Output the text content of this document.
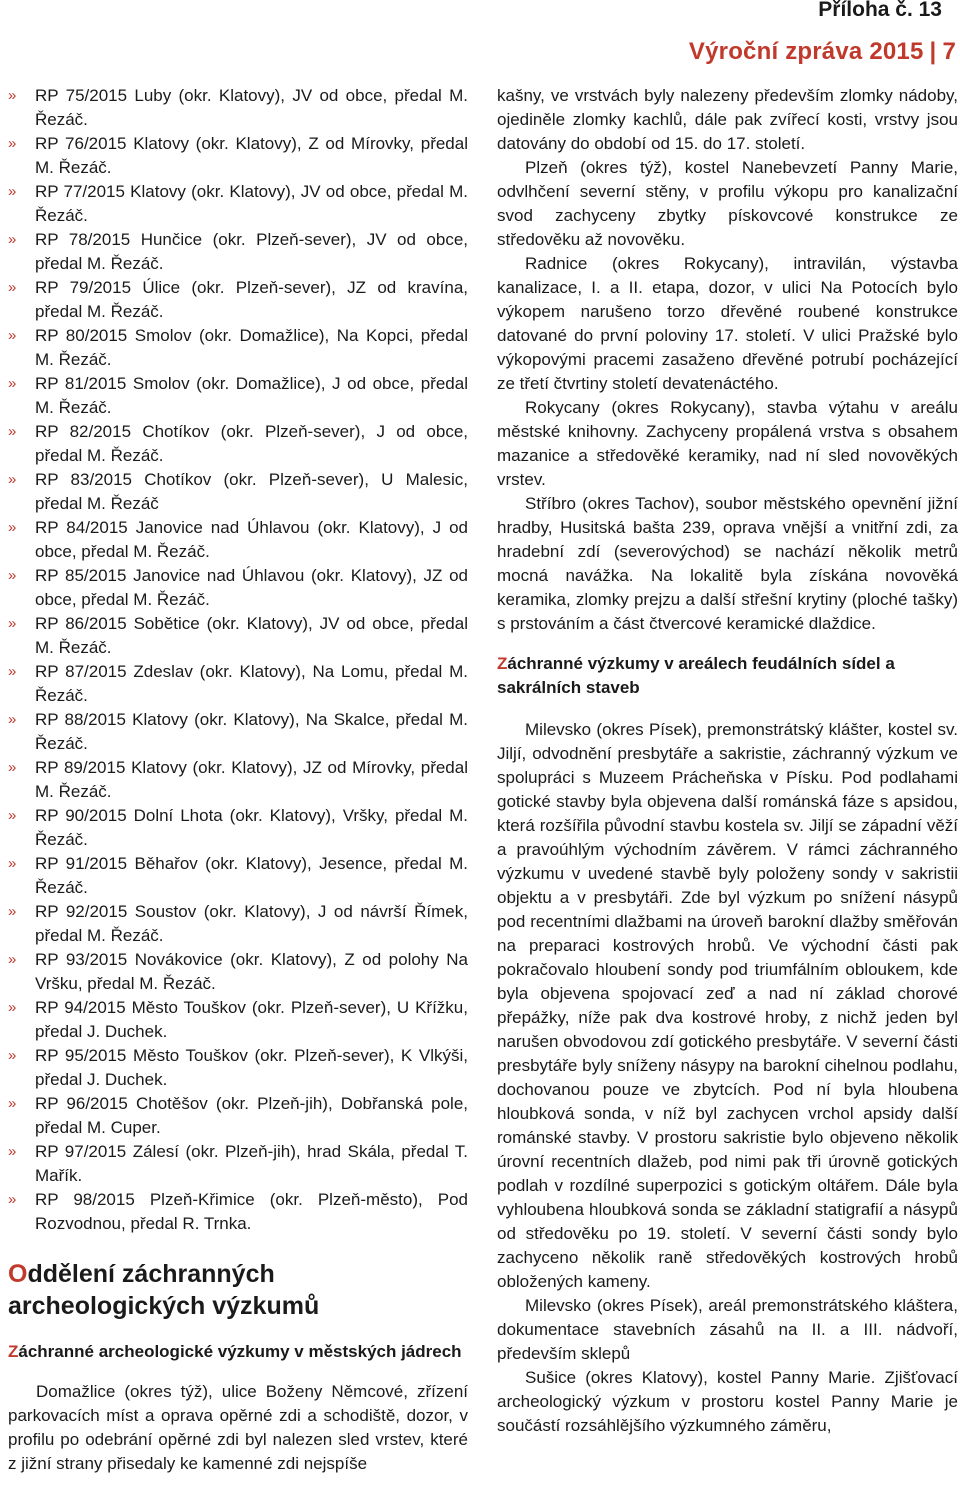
Příloha č. 13
Výroční zpráva 2015 | 7
» RP 75/2015 Luby (okr. Klatovy), JV od obce, předal M. Řezáč.
» RP 76/2015 Klatovy (okr. Klatovy), Z od Mírovky, předal M. Řezáč.
» RP 77/2015 Klatovy (okr. Klatovy), JV od obce, předal M. Řezáč.
» RP 78/2015 Hunčice (okr. Plzeň-sever), JV od obce, předal M. Řezáč.
» RP 79/2015 Úlice (okr. Plzeň-sever), JZ od kravína, předal M. Řezáč.
» RP 80/2015 Smolov (okr. Domažlice), Na Kopci, předal M. Řezáč.
» RP 81/2015 Smolov (okr. Domažlice), J od obce, předal M. Řezáč.
» RP 82/2015 Chotíkov (okr. Plzeň-sever), J od obce, předal M. Řezáč.
» RP 83/2015 Chotíkov (okr. Plzeň-sever), U Malesic, předal M. Řezáč
» RP 84/2015 Janovice nad Úhlavou (okr. Klatovy), J od obce, předal M. Řezáč.
» RP 85/2015 Janovice nad Úhlavou (okr. Klatovy), JZ od obce, předal M. Řezáč.
» RP 86/2015 Sobětice (okr. Klatovy), JV od obce, předal M. Řezáč.
» RP 87/2015 Zdeslav (okr. Klatovy), Na Lomu, předal M. Řezáč.
» RP 88/2015 Klatovy (okr. Klatovy), Na Skalce, předal M. Řezáč.
» RP 89/2015 Klatovy (okr. Klatovy), JZ od Mírovky, předal M. Řezáč.
» RP 90/2015 Dolní Lhota (okr. Klatovy), Vršky, předal M. Řezáč.
» RP 91/2015 Běhařov (okr. Klatovy), Jesence, předal M. Řezáč.
» RP 92/2015 Soustov (okr. Klatovy), J od návrší Římek, předal M. Řezáč.
» RP 93/2015 Novákovice (okr. Klatovy), Z od polohy Na Vršku, předal M. Řezáč.
» RP 94/2015 Město Touškov (okr. Plzeň-sever), U Křížku, předal J. Duchek.
» RP 95/2015 Město Touškov (okr. Plzeň-sever), K Vlkýši, předal J. Duchek.
» RP 96/2015 Chotěšov (okr. Plzeň-jih), Dobřanská pole, předal M. Cuper.
» RP 97/2015 Zálesí (okr. Plzeň-jih), hrad Skála, předal T. Mařík.
» RP 98/2015 Plzeň-Křimice (okr. Plzeň-město), Pod Rozvodnou, předal R. Trnka.
Oddělení záchranných archeologických výzkumů
Záchranné archeologické výzkumy v městských jádrech

Domažlice (okres týž), ulice Boženy Němcové, zřízení parkovacích míst a oprava opěrné zdi a schodiště, dozor, v profilu po odebrání opěrné zdi byl nalezen sled vrstev, které z jižní strany přisedaly ke kamenné zdi nejspíše

kašny, ve vrstvách byly nalezeny především zlomky nádoby, ojediněle zlomky kachlů, dále pak zvířecí kosti, vrstvy jsou datovány do období od 15. do 17. století.

Plzeň (okres týž), kostel Nanebevzetí Panny Marie, odvlhčení severní stěny, v profilu výkopu pro kanalizační svod zachyceny zbytky pískovcové konstrukce ze středověku až novověku.

Radnice (okres Rokycany), intravilán, výstavba kanalizace, I. a II. etapa, dozor, v ulici Na Potocích bylo výkopem narušeno torzo dřevěné roubené konstrukce datované do první poloviny 17. století. V ulici Pražské bylo výkopovými pracemi zasaženo dřevěné potrubí pocházející ze třetí čtvrtiny století devatenáctého.

Rokycany (okres Rokycany), stavba výtahu v areálu městské knihovny. Zachyceny propálená vrstva s obsahem mazanice a středověké keramiky, nad ní sled novověkých vrstev.

Stříbro (okres Tachov), soubor městského opevnění jižní hradby, Husitská bašta 239, oprava vnější a vnitřní zdi, za hradební zdí (severovýchod) se nachází několik metrů mocná navážka. Na lokalitě byla získána novověká keramika, zlomky prejzu a další střešní krytiny (ploché tašky) s prstováním a část čtvercové keramické dlaždice.

Záchranné výzkumy v areálech feudálních sídel a sakrálních staveb

Milevsko (okres Písek), premonstrátský klášter, kostel sv. Jiljí, odvodnění presbytáře a sakristie, záchranný výzkum ve spolupráci s Muzeem Prácheňska v Písku. Pod podlahami gotické stavby byla objevena další románská fáze s apsidou, která rozšířila původní stavbu kostela sv. Jiljí se západní věží a pravoúhlým východním závěrem. V rámci záchranného výzkumu v uvedené stavbě byly položeny sondy v sakristii objektu a v presbytáři. Zde byl výzkum po snížení násypů pod recentními dlažbami na úroveň barokní dlažby směřován na preparaci kostrových hrobů. Ve východní části pak pokračovalo hloubení sondy pod triumfálním obloukem, kde byla objevena spojovací zeď a nad ní základ chorové přepážky, níže pak dva kostrové hroby, z nichž jeden byl narušen obvodovou zdí gotického presbytáře. V severní části presbytáře byly sníženy násypy na barokní cihelnou podlahu, dochovanou pouze ve zbytcích. Pod ní byla hloubena hloubková sonda, v níž byl zachycen vrchol apsidy další románské stavby. V prostoru sakristie bylo objeveno několik úrovní recentních dlažeb, pod nimi pak tři úrovně gotických podlah v rozdílné superpozici s gotickým oltářem. Dále byla vyhloubena hloubková sonda se základní statigrafií a násypů od středověku po 19. století. V severní části sondy bylo zachyceno několik raně středověkých kostrových hrobů obložených kameny.

Milevsko (okres Písek), areál premonstrátského kláštera, dokumentace stavebních zásahů na II. a III. nádvoří, především sklepů

Sušice (okres Klatovy), kostel Panny Marie. Zjišťovací archeologický výzkum v prostoru kostel Panny Marie je součástí rozsáhlějšího výzkumného záměru,
